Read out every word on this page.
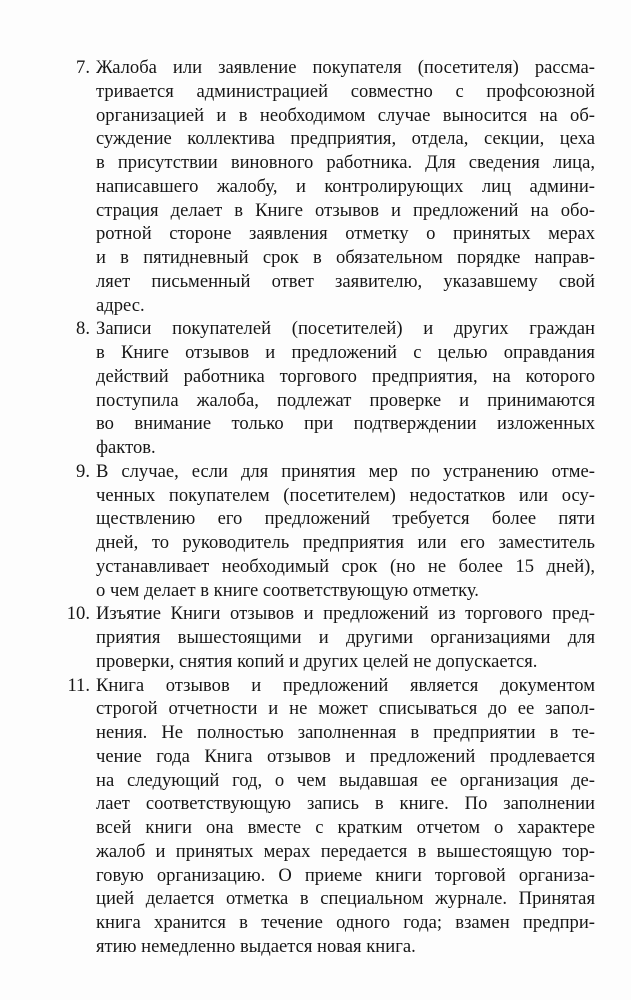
7. Жалоба или заявление покупателя (посетителя) рассма-
тривается администрацией совместно с профсоюзной
организацией и в необходимом случае выносится на об-
суждение коллектива предприятия, отдела, секции, цеха
в присутствии виновного работника. Для сведения лица,
написавшего жалобу, и контролирующих лиц админи-
страция делает в Книге отзывов и предложений на обо-
ротной стороне заявления отметку о принятых мерах
и в пятидневный срок в обязательном порядке направ-
ляет письменный ответ заявителю, указавшему свой
адрес.
8. Записи покупателей (посетителей) и других граждан
в Книге отзывов и предложений с целью оправдания
действий работника торгового предприятия, на которого
поступила жалоба, подлежат проверке и принимаются
во внимание только при подтверждении изложенных
фактов.
9. В случае, если для принятия мер по устранению отме-
ченных покупателем (посетителем) недостатков или осу-
ществлению его предложений требуется более пяти
дней, то руководитель предприятия или его заместитель
устанавливает необходимый срок (но не более 15 дней),
о чем делает в книге соответствующую отметку.
10. Изъятие Книги отзывов и предложений из торгового пред-
приятия вышестоящими и другими организациями для
проверки, снятия копий и других целей не допускается.
11. Книга отзывов и предложений является документом
строгой отчетности и не может списываться до ее запол-
нения. Не полностью заполненная в предприятии в те-
чение года Книга отзывов и предложений продлевается
на следующий год, о чем выдавшая ее организация де-
лает соответствующую запись в книге. По заполнении
всей книги она вместе с кратким отчетом о характере
жалоб и принятых мерах передается в вышестоящую тор-
говую организацию. О приеме книги торговой организа-
цией делается отметка в специальном журнале. Принятая
книга хранится в течение одного года; взамен предпри-
ятию немедленно выдается новая книга.
